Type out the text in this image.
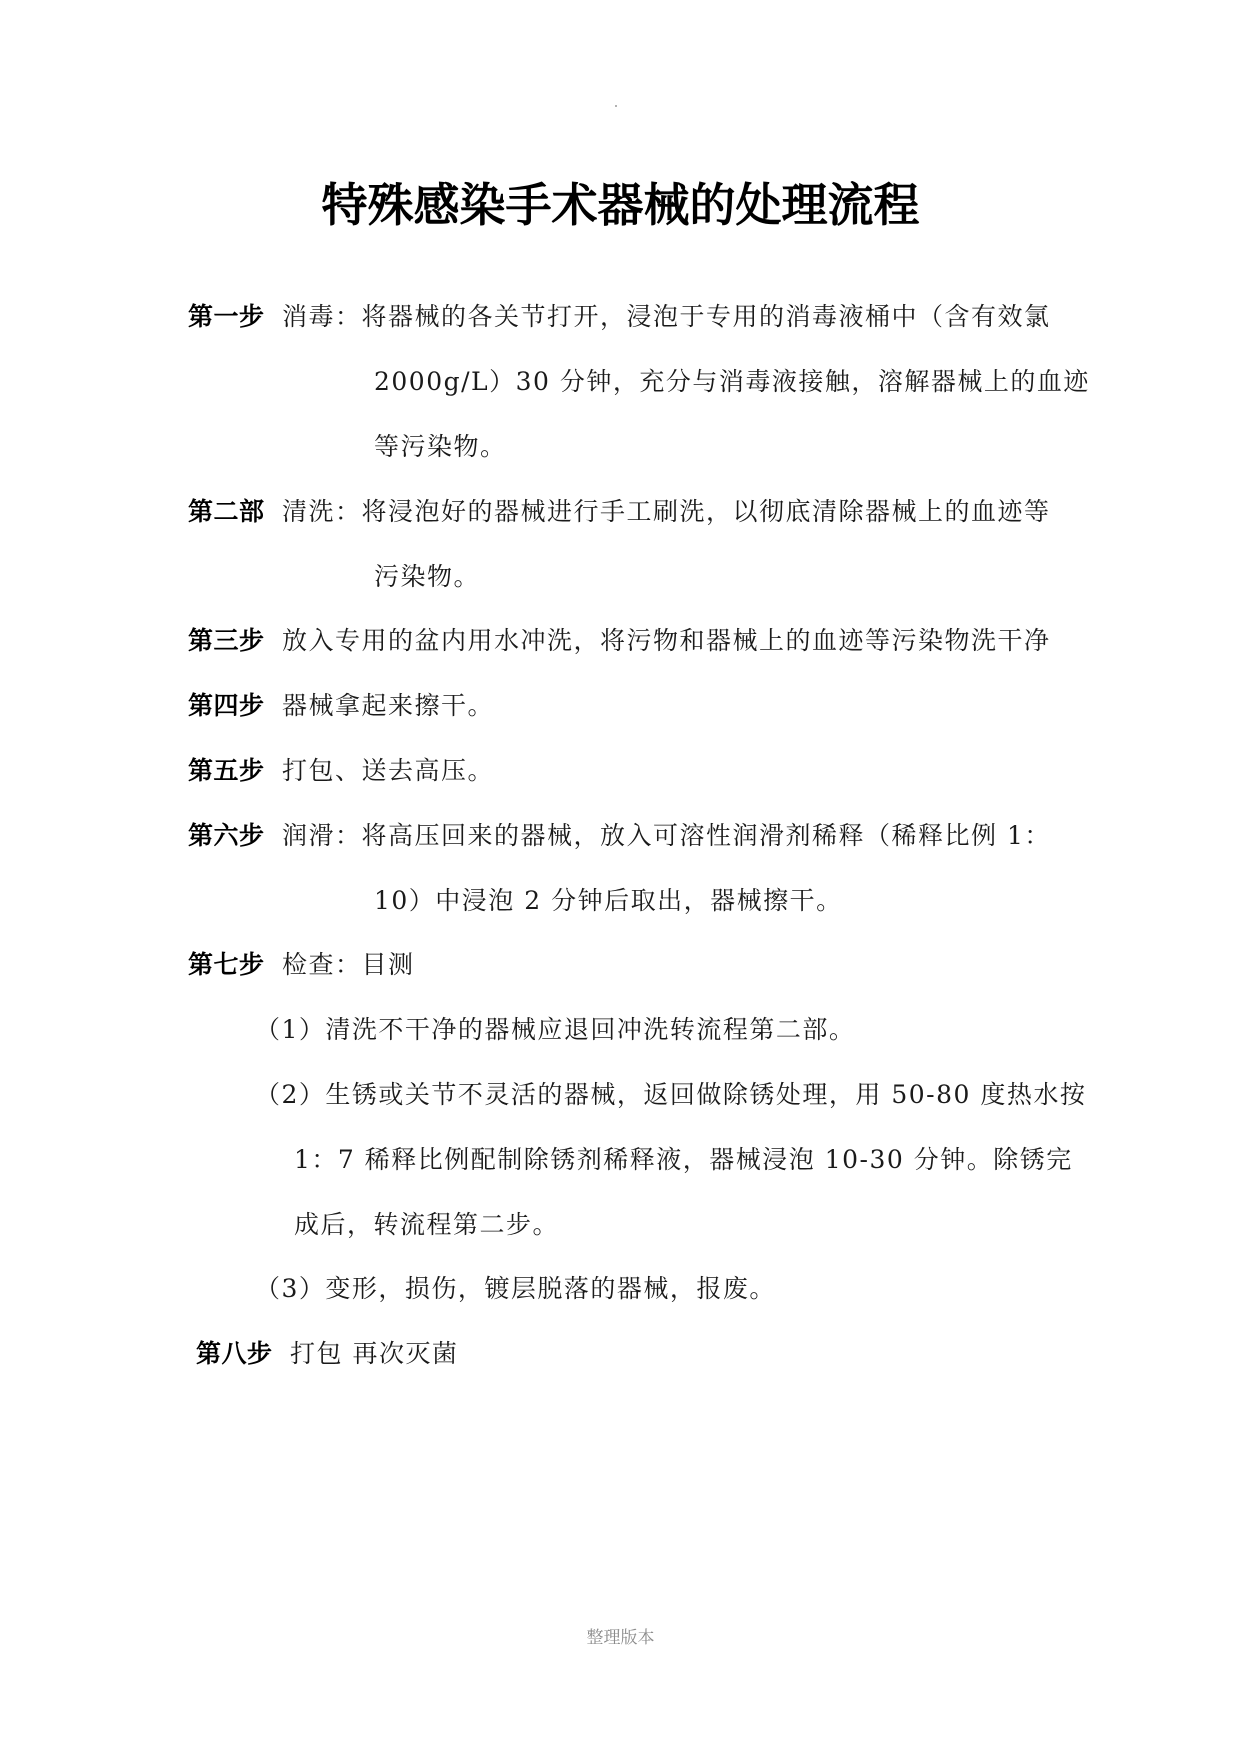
特殊感染手术器械的处理流程
第一步 消毒：将器械的各关节打开，浸泡于专用的消毒液桶中（含有效氯
2000g/L）30 分钟，充分与消毒液接触，溶解器械上的血迹
等污染物。
第二部 清洗：将浸泡好的器械进行手工刷洗，以彻底清除器械上的血迹等
污染物。
第三步 放入专用的盆内用水冲洗，将污物和器械上的血迹等污染物洗干净
第四步 器械拿起来擦干。
第五步 打包、送去高压。
第六步 润滑：将高压回来的器械，放入可溶性润滑剂稀释（稀释比例 1：
10）中浸泡 2 分钟后取出，器械擦干。
第七步 检查：目测
（1）清洗不干净的器械应退回冲洗转流程第二部。
（2）生锈或关节不灵活的器械，返回做除锈处理，用 50-80 度热水按
1：7 稀释比例配制除锈剂稀释液，器械浸泡 10-30 分钟。除锈完
成后，转流程第二步。
（3）变形，损伤，镀层脱落的器械，报废。
第八步 打包 再次灭菌
整理版本
